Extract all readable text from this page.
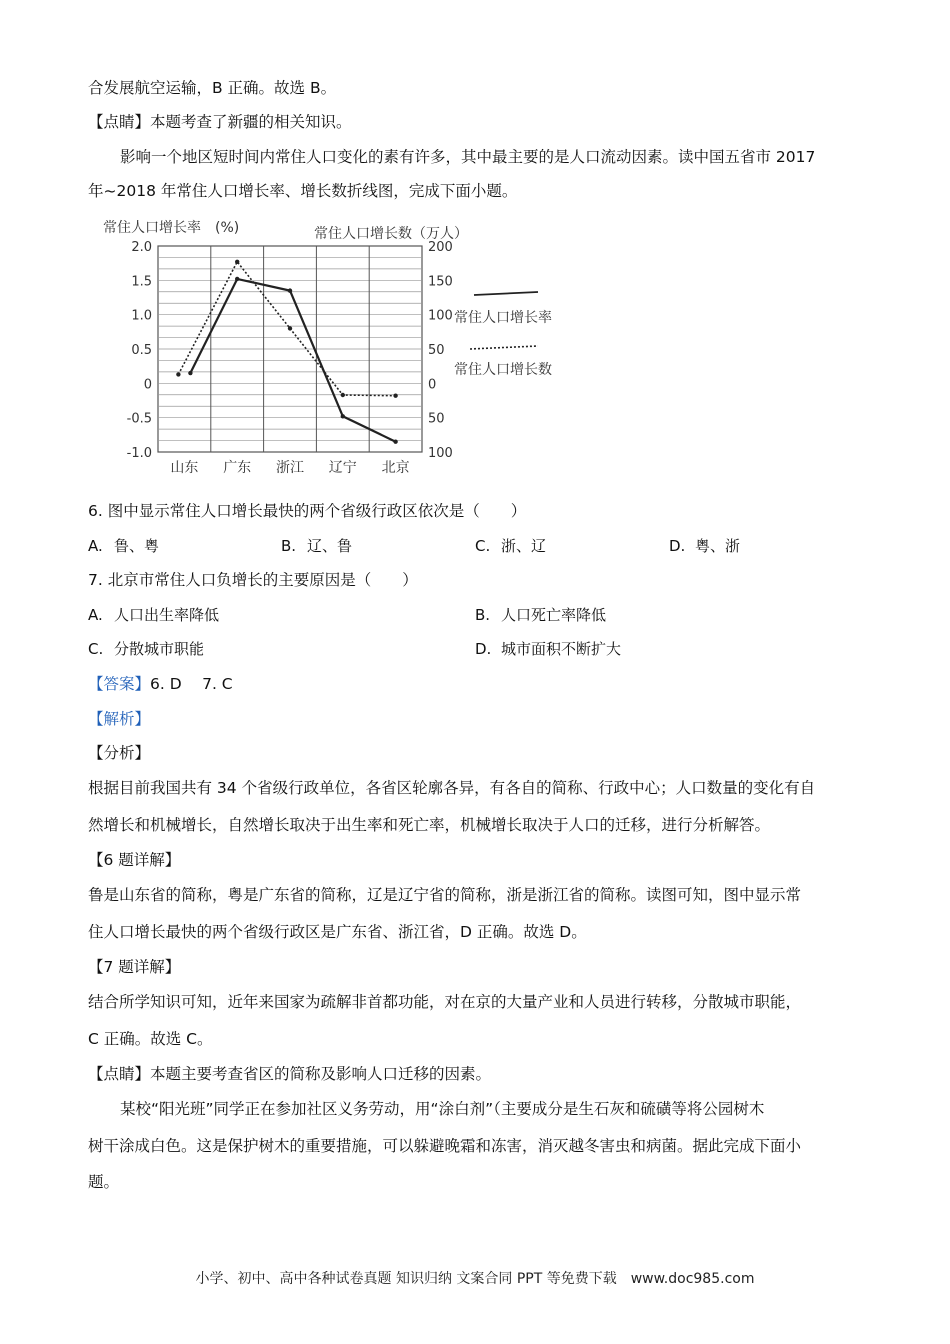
合发展航空运输，B 正确。故选 B。
【点睛】本题考查了新疆的相关知识。
影响一个地区短时间内常住人口变化的素有许多，其中最主要的是人口流动因素。读中国五省市 2017
年~2018 年常住人口增长率、增长数折线图，完成下面小题。
2.0
1.5
1.0
0.5
0
-0.5
-1.0
200
150
100
50
0
50
100
山东 广东 浙江 辽宁 北京
常住人口增长率　(%)	常住人口增长数（万人）
常住人口增长率
常住人口增长数
6. 图中显示常住人口增长最快的两个省级行政区依次是（　　）
A. 鲁、粤	B. 辽、鲁	C. 浙、辽	D. 粤、浙
7. 北京市常住人口负增长的主要原因是（　　）
A. 人口出生率降低	B. 人口死亡率降低
C. 分散城市职能	D. 城市面积不断扩大
【答案】6. D　 7. C
【解析】
【分析】
根据目前我国共有 34 个省级行政单位，各省区轮廓各异，有各自的简称、行政中心；人口数量的变化有自
然增长和机械增长，自然增长取决于出生率和死亡率，机械增长取决于人口的迁移，进行分析解答。
【6 题详解】
鲁是山东省的简称，粤是广东省的简称，辽是辽宁省的简称，浙是浙江省的简称。读图可知，图中显示常
住人口增长最快的两个省级行政区是广东省、浙江省，D 正确。故选 D。
【7 题详解】
结合所学知识可知，近年来国家为疏解非首都功能，对在京的大量产业和人员进行转移，分散城市职能，
C 正确。故选 C。
【点睛】本题主要考查省区的简称及影响人口迁移的因素。
某校“阳光班”同学正在参加社区义务劳动，用“涂白剂”（主要成分是生石灰和硫磺等将公园树木
树干涂成白色。这是保护树木的重要措施，可以躲避晚霜和冻害，消灭越冬害虫和病菌。据此完成下面小
题。
小学、初中、高中各种试卷真题 知识归纳 文案合同 PPT 等免费下载　www.doc985.com
